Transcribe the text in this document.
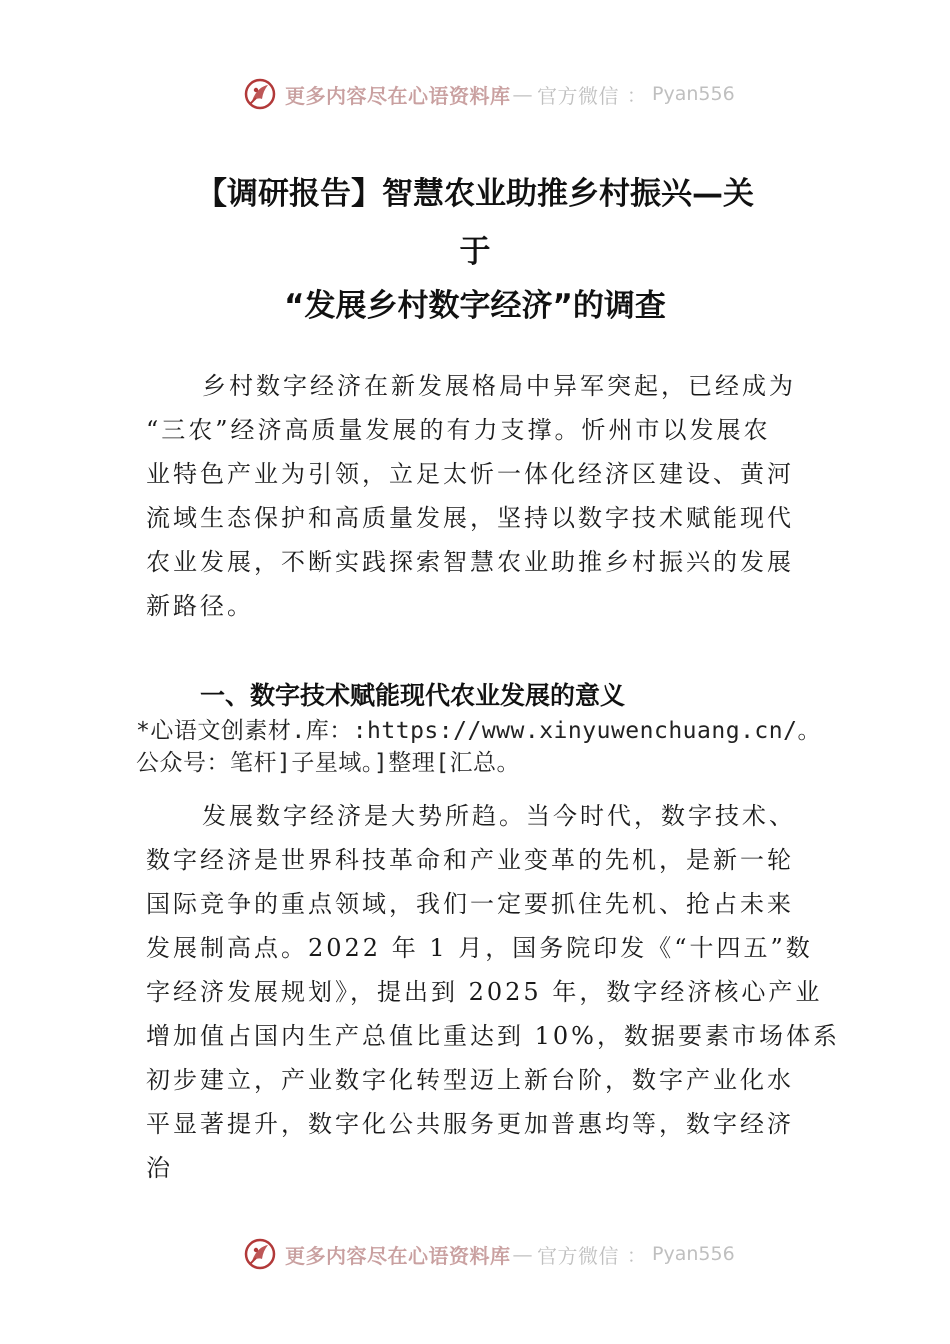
更多内容尽在心语资料库 — 官方微信 ： Pyan556
【调研报告】智慧农业助推乡村振兴—关
于
“发展乡村数字经济”的调查
乡村数字经济在新发展格局中异军突起，已经成为
“三农”经济高质量发展的有力支撑。忻州市以发展农
业特色产业为引领，立足太忻一体化经济区建设、黄河
流域生态保护和高质量发展，坚持以数字技术赋能现代
农业发展，不断实践探索智慧农业助推乡村振兴的发展
新路径。
一、数字技术赋能现代农业发展的意义
*心语文创素材.库：:https://www.xinyuwenchuang.cn/。
公众号：笔杆]子星域。]整理[汇总。
发展数字经济是大势所趋。当今时代，数字技术、
数字经济是世界科技革命和产业变革的先机，是新一轮
国际竞争的重点领域，我们一定要抓住先机、抢占未来
发展制高点。2022 年 1 月，国务院印发《“十四五”数
字经济发展规划》，提出到 2025 年，数字经济核心产业
增加值占国内生产总值比重达到 10%，数据要素市场体系
初步建立，产业数字化转型迈上新台阶，数字产业化水
平显著提升，数字化公共服务更加普惠均等，数字经济
治
更多内容尽在心语资料库 — 官方微信 ： Pyan556
